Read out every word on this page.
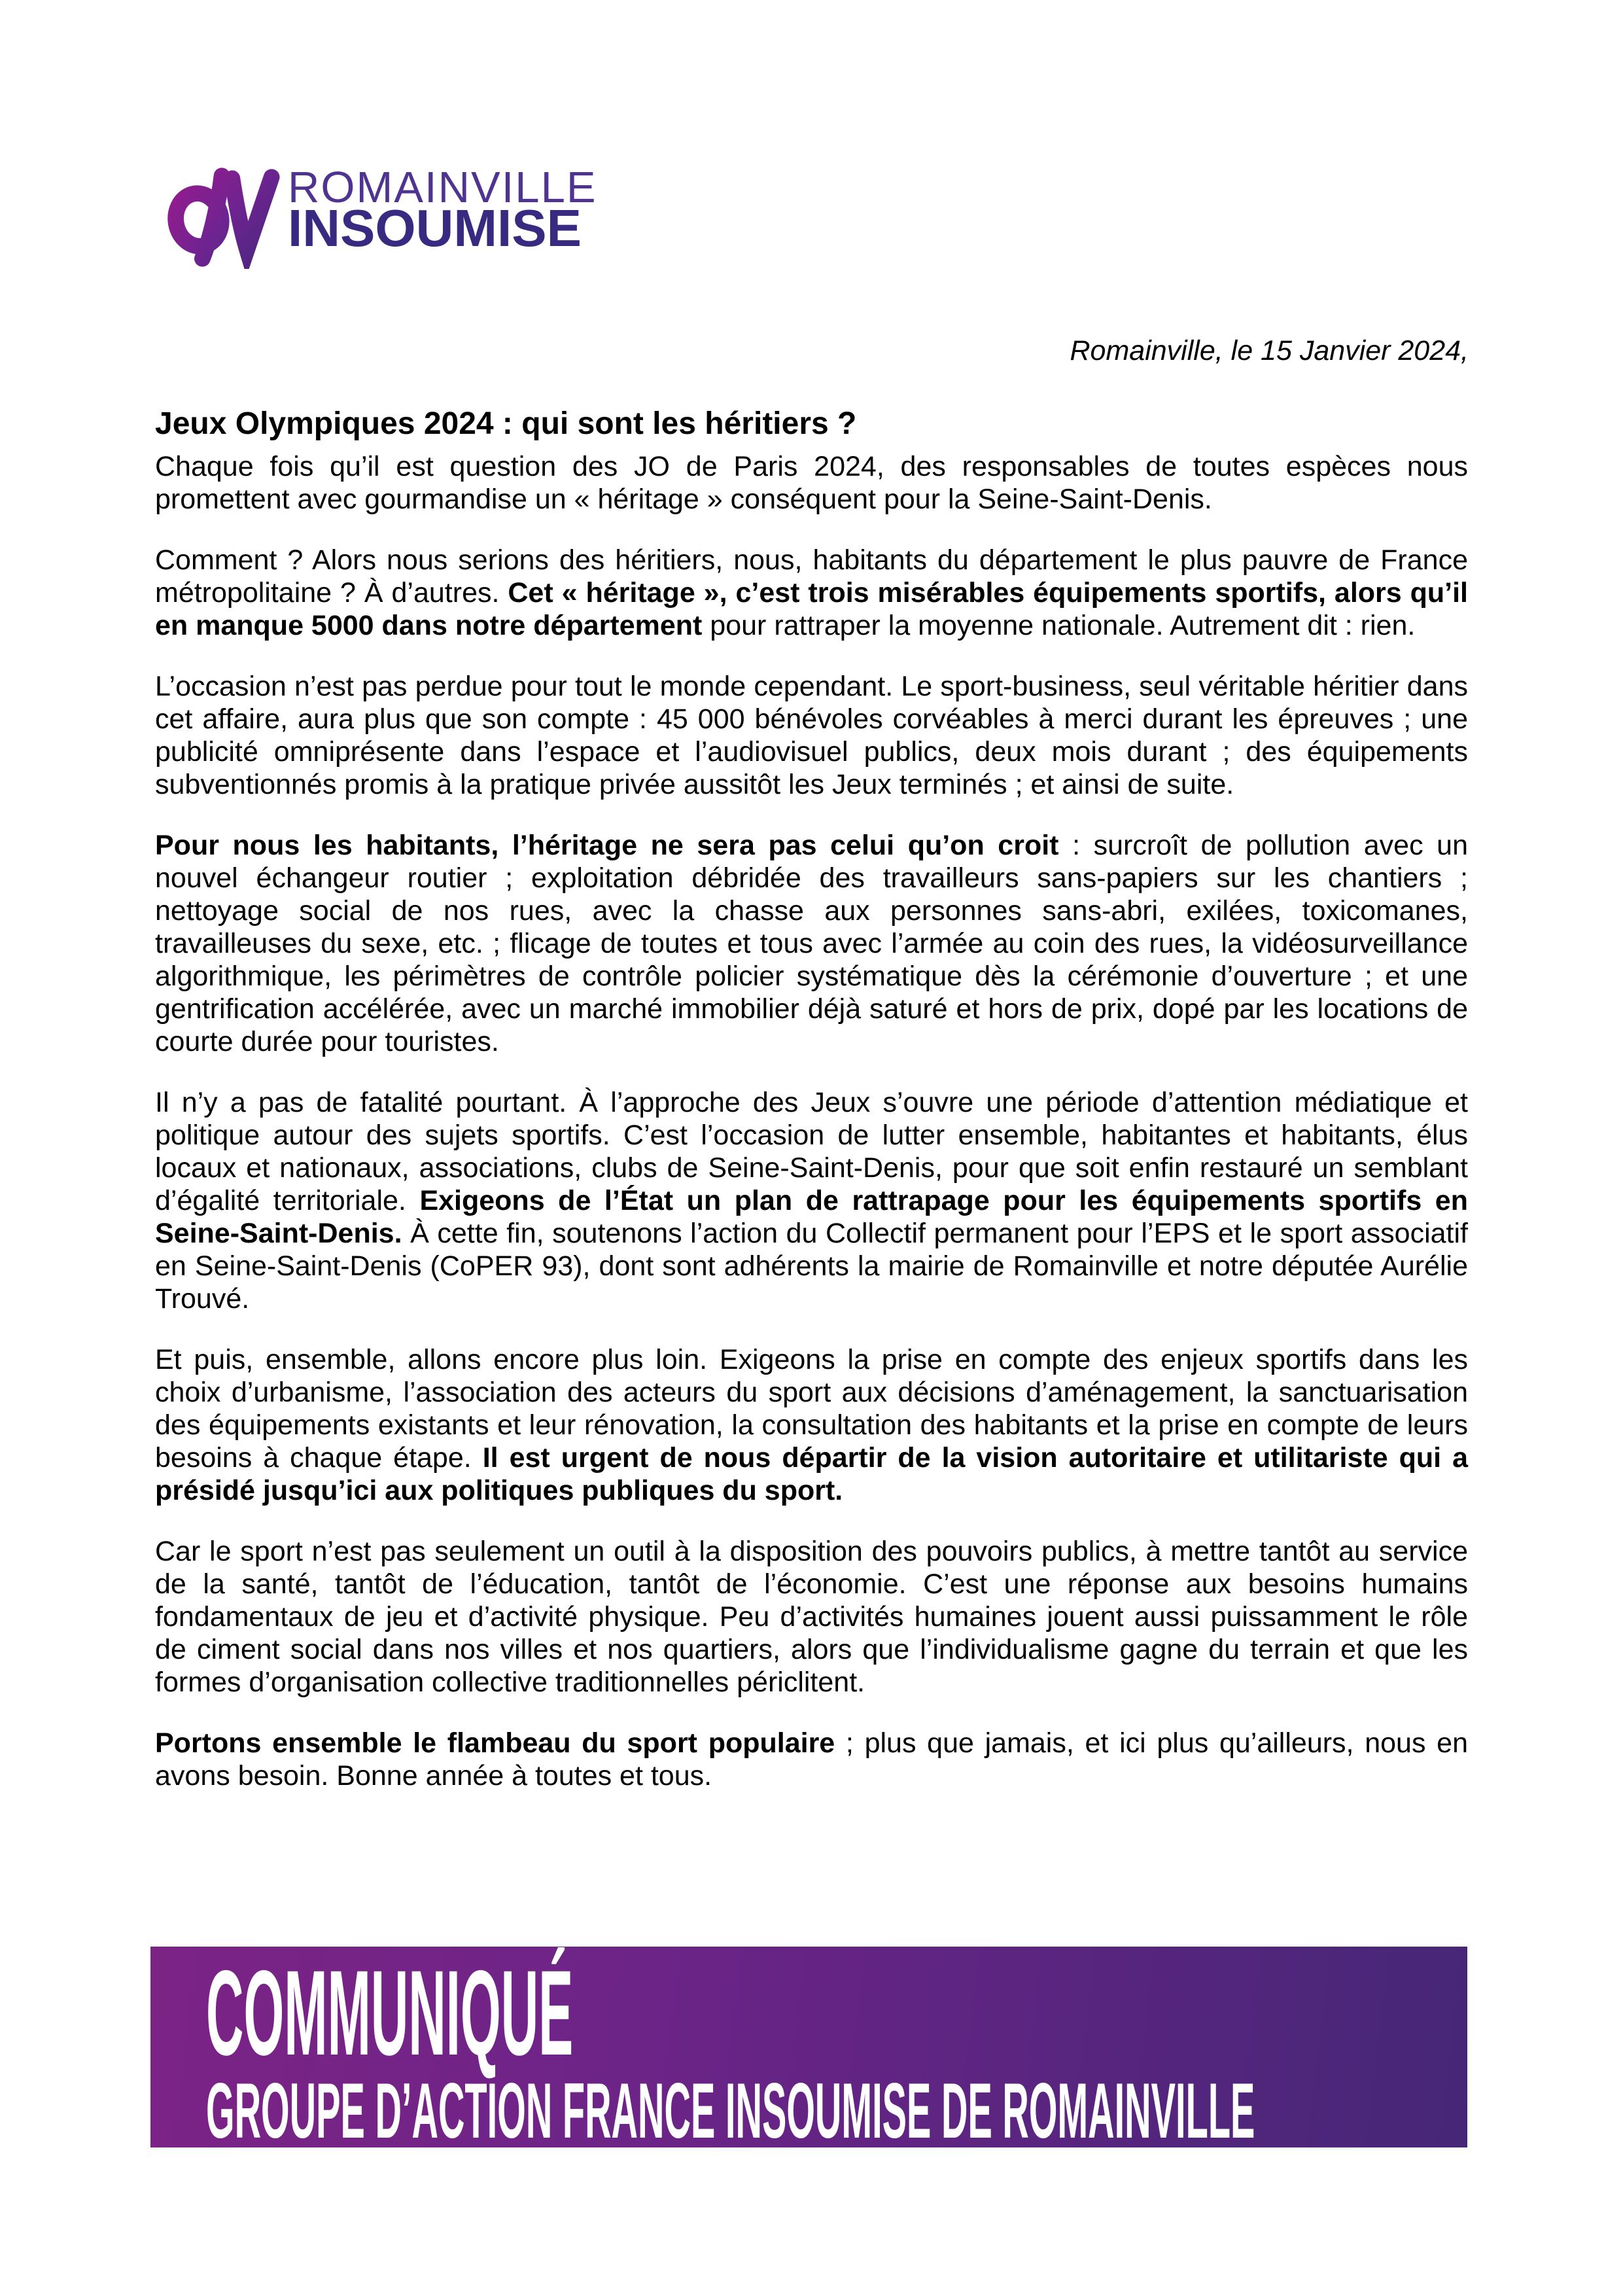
ROMAINVILLE
INSOUMISE
Romainville, le 15 Janvier 2024,
Jeux Olympiques 2024 : qui sont les héritiers ?

Chaque fois qu’il est question des JO de Paris 2024, des responsables de toutes espèces nous promettent avec gourmandise un « héritage » conséquent pour la Seine-Saint-Denis.

Comment ? Alors nous serions des héritiers, nous, habitants du département le plus pauvre de France métropolitaine ? À d’autres. Cet « héritage », c’est trois misérables équipements sportifs, alors qu’il en manque 5000 dans notre département pour rattraper la moyenne nationale. Autrement dit : rien.

L’occasion n’est pas perdue pour tout le monde cependant. Le sport-business, seul véritable héritier dans cet affaire, aura plus que son compte : 45 000 bénévoles corvéables à merci durant les épreuves ; une publicité omniprésente dans l’espace et l’audiovisuel publics, deux mois durant ; des équipements subventionnés promis à la pratique privée aussitôt les Jeux terminés ; et ainsi de suite.

Pour nous les habitants, l’héritage ne sera pas celui qu’on croit : surcroît de pollution avec un nouvel échangeur routier ; exploitation débridée des travailleurs sans-papiers sur les chantiers ; nettoyage social de nos rues, avec la chasse aux personnes sans-abri, exilées, toxicomanes, travailleuses du sexe, etc. ; flicage de toutes et tous avec l’armée au coin des rues, la vidéosurveillance algorithmique, les périmètres de contrôle policier systématique dès la cérémonie d’ouverture ; et une gentrification accélérée, avec un marché immobilier déjà saturé et hors de prix, dopé par les locations de courte durée pour touristes.

Il n’y a pas de fatalité pourtant. À l’approche des Jeux s’ouvre une période d’attention médiatique et politique autour des sujets sportifs. C’est l’occasion de lutter ensemble, habitantes et habitants, élus locaux et nationaux, associations, clubs de Seine-Saint-Denis, pour que soit enfin restauré un semblant d’égalité territoriale. Exigeons de l’État un plan de rattrapage pour les équipements sportifs en Seine-Saint-Denis. À cette fin, soutenons l’action du Collectif permanent pour l’EPS et le sport associatif en Seine-Saint-Denis (CoPER 93), dont sont adhérents la mairie de Romainville et notre députée Aurélie Trouvé.

Et puis, ensemble, allons encore plus loin. Exigeons la prise en compte des enjeux sportifs dans les choix d’urbanisme, l’association des acteurs du sport aux décisions d’aménagement, la sanctuarisation des équipements existants et leur rénovation, la consultation des habitants et la prise en compte de leurs besoins à chaque étape. Il est urgent de nous départir de la vision autoritaire et utilitariste qui a présidé jusqu’ici aux politiques publiques du sport.

Car le sport n’est pas seulement un outil à la disposition des pouvoirs publics, à mettre tantôt au service de la santé, tantôt de l’éducation, tantôt de l’économie. C’est une réponse aux besoins humains fondamentaux de jeu et d’activité physique. Peu d’activités humaines jouent aussi puissamment le rôle de ciment social dans nos villes et nos quartiers, alors que l’individualisme gagne du terrain et que les formes d’organisation collective traditionnelles périclitent.

Portons ensemble le flambeau du sport populaire ; plus que jamais, et ici plus qu’ailleurs, nous en avons besoin. Bonne année à toutes et tous.

COMMUNIQUÉ
GROUPE D’ACTION FRANCE INSOUMISE DE ROMAINVILLE
